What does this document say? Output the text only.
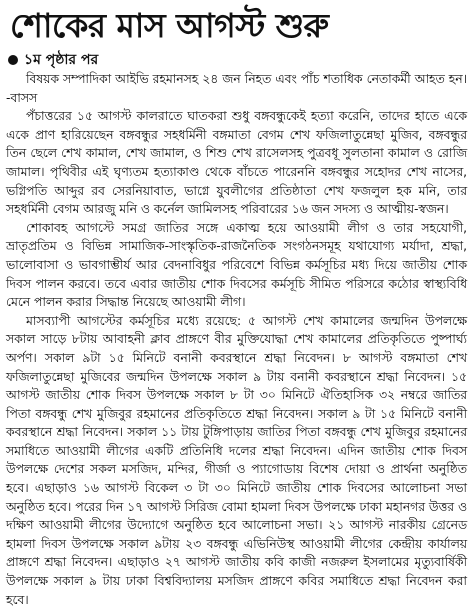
শোকের মাস আগস্ট শুরু
১ম পৃষ্ঠার পর

বিষয়ক সম্পাদিকা আইভি রহমানসহ ২৪ জন নিহত এবং পাঁচ শতাধিক নেতাকর্মী আহত হন। -বাসস

পঁচাত্তরের ১৫ আগস্ট কালরাতে ঘাতকরা শুধু বঙ্গবন্ধুকেই হত্যা করেনি, তাদের হাতে একে একে প্রাণ হারিয়েছেন বঙ্গবন্ধুর সহধর্মিনী বঙ্গমাতা বেগম শেখ ফজিলাতুন্নেছা মুজিব, বঙ্গবন্ধুর তিন ছেলে শেখ কামাল, শেখ জামাল, ও শিশু শেখ রাসেলসহ পুত্রবধূ সুলতানা কামাল ও রোজি জামাল। পৃথিবীর এই ঘৃণ্যতম হত্যাকাণ্ড থেকে বাঁচতে পারেননি বঙ্গবন্ধুর সহোদর শেখ নাসের, ভগ্নিপতি আব্দুর রব সেরনিয়াবাত, ভাগ্নে যুবলীগের প্রতিষ্ঠাতা শেখ ফজলুল হক মনি, তার সহধর্মিনী বেগম আরজু মনি ও কর্নেল জামিলসহ পরিবারের ১৬ জন সদস্য ও আত্মীয়-স্বজন।

শোকাবহ আগস্টে সমগ্র জাতির সঙ্গে একাত্ম হয়ে আওয়ামী লীগ ও তার সহযোগী, ভ্রাতৃপ্রতিম ও বিভিন্ন সামাজিক-সাংস্কৃতিক-রাজনৈতিক সংগঠনসমূহ যথাযোগ্য মর্যাদা, শ্রদ্ধা, ভালোবাসা ও ভাবগাম্ভীর্য আর বেদনাবিধুর পরিবেশে বিভিন্ন কর্মসূচির মধ্য দিয়ে জাতীয় শোক দিবস পালন করবে। তবে এবার জাতীয় শোক দিবসের কর্মসূচি সীমিত পরিসরে কঠোর স্বাস্থ্যবিধি মেনে পালন করার সিদ্ধান্ত নিয়েছে আওয়ামী লীগ।

মাসব্যাপী আগস্টের কর্মসূচির মধ্যে রয়েছে: ৫ আগস্ট শেখ কামালের জন্মদিন উপলক্ষে সকাল সাড়ে ৮টায় আবাহনী ক্লাব প্রাঙ্গণে বীর মুক্তিযোদ্ধা শেখ কামালের প্রতিকৃতিতে পুষ্পার্ঘ্য অর্পণ। সকাল ৯টা ১৫ মিনিটে বনানী কবরস্থানে শ্রদ্ধা নিবেদন। ৮ আগস্ট বঙ্গমাতা শেখ ফজিলাতুন্নেছা মুজিবের জন্মদিন উপলক্ষে সকাল ৯ টায় বনানী কবরস্থানে শ্রদ্ধা নিবেদন। ১৫ আগস্ট জাতীয় শোক দিবস উপলক্ষে সকাল ৮ টা ৩০ মিনিটে ঐতিহাসিক ৩২ নম্বরে জাতির পিতা বঙ্গবন্ধু শেখ মুজিবুর রহমানের প্রতিকৃতিতে শ্রদ্ধা নিবেদন। সকাল ৯ টা ১৫ মিনিটে বনানী কবরস্থানে শ্রদ্ধা নিবেদন। সকাল ১১ টায় টুঙ্গিপাড়ায় জাতির পিতা বঙ্গবন্ধু শেখ মুজিবুর রহমানের সমাধিতে আওয়ামী লীগের একটি প্রতিনিধি দলের শ্রদ্ধা নিবেদন। এদিন জাতীয় শোক দিবস উপলক্ষে দেশের সকল মসজিদ, মন্দির, গীর্জা ও প্যাগোডায় বিশেষ দোয়া ও প্রার্থনা অনুষ্ঠিত হবে। এছাড়াও ১৬ আগস্ট বিকেল ৩ টা ৩০ মিনিটে জাতীয় শোক দিবসের আলোচনা সভা অনুষ্ঠিত হবে। পরের দিন ১৭ আগস্ট সিরিজ বোমা হামলা দিবস উপলক্ষে ঢাকা মহানগর উত্তর ও দক্ষিণ আওয়ামী লীগের উদ্যোগে অনুষ্ঠিত হবে আলোচনা সভা। ২১ আগস্ট নারকীয় গ্রেনেড হামলা দিবস উপলক্ষে সকাল ৯টায় ২৩ বঙ্গবন্ধু এভিনিউস্থ আওয়ামী লীগের কেন্দ্রীয় কার্যালয় প্রাঙ্গণে শ্রদ্ধা নিবেদন। এছাড়াও ২৭ আগস্ট জাতীয় কবি কাজী নজরুল ইসলামের মৃত্যুবার্ষিকী উপলক্ষে সকাল ৯ টায় ঢাকা বিশ্ববিদ্যালয় মসজিদ প্রাঙ্গণে কবির সমাধিতে শ্রদ্ধা নিবেদন করা হবে।
